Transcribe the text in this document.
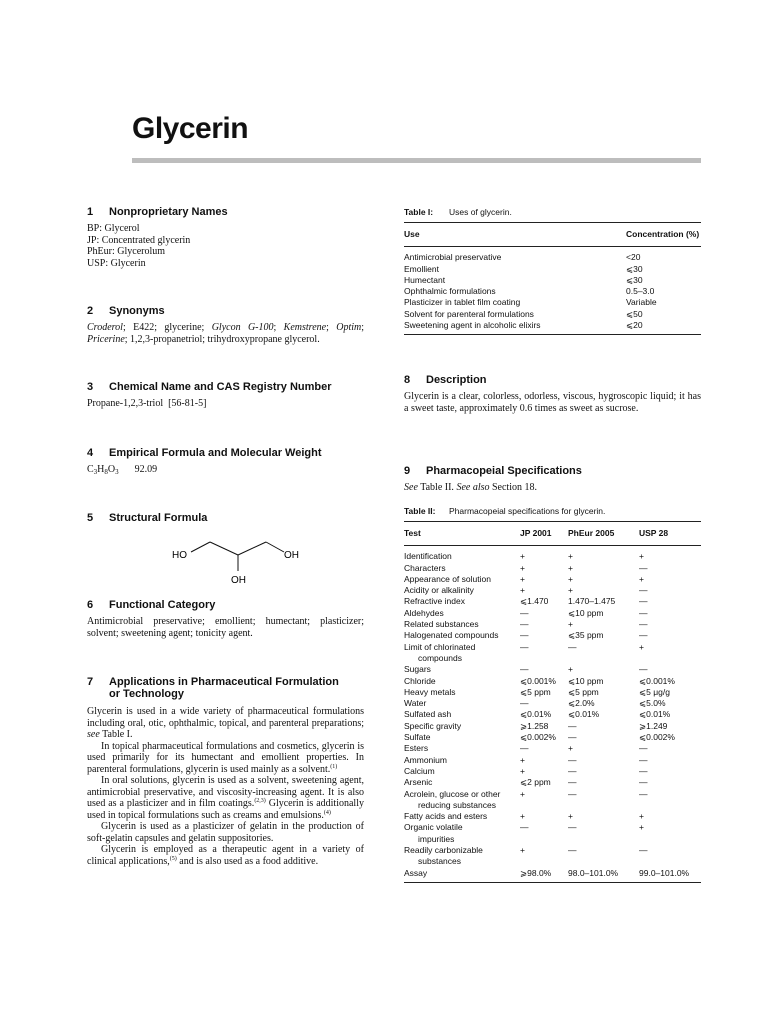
Glycerin
1	Nonproprietary Names
BP: Glycerol
JP: Concentrated glycerin
PhEur: Glycerolum
USP: Glycerin
2	Synonyms
Croderol; E422; glycerine; Glycon G-100; Kemstrene; Optim; Pricerine; 1,2,3-propanetriol; trihydroxypropane glycerol.
3	Chemical Name and CAS Registry Number
Propane-1,2,3-triol  [56-81-5]
4	Empirical Formula and Molecular Weight
$C_3H_8O_3$ 92.09
5	Structural Formula
HO	OH
OH
6	Functional Category
Antimicrobial preservative; emollient; humectant; plasticizer; solvent; sweetening agent; tonicity agent.
7	Applications in Pharmaceutical Formulation
or Technology

Glycerin is used in a wide variety of pharmaceutical formulations including oral, otic, ophthalmic, topical, and parenteral preparations; see Table I.

In topical pharmaceutical formulations and cosmetics, glycerin is used primarily for its humectant and emollient properties. In parenteral formulations, glycerin is used mainly as a solvent.$^{(1)}$

In oral solutions, glycerin is used as a solvent, sweetening agent, antimicrobial preservative, and viscosity-increasing agent. It is also used as a plasticizer and in film coatings.$^{(2,3)}$ Glycerin is additionally used in topical formulations such as creams and emulsions.$^{(4)}$

Glycerin is used as a plasticizer of gelatin in the production of soft-gelatin capsules and gelatin suppositories.

Glycerin is employed as a therapeutic agent in a variety of clinical applications,$^{(5)}$ and is also used as a food additive.

Table I:	Uses of glycerin.
Use	Concentration (%)
Antimicrobial preservative	<20
Emollient	⩽30
Humectant	⩽30
Ophthalmic formulations	0.5–3.0
Plasticizer in tablet film coating	Variable
Solvent for parenteral formulations	⩽50
Sweetening agent in alcoholic elixirs	⩽20
8	Description
Glycerin is a clear, colorless, odorless, viscous, hygroscopic liquid; it has a sweet taste, approximately 0.6 times as sweet as sucrose.
9	Pharmacopeial Specifications
See Table II. See also Section 18.
Table II:	Pharmacopeial specifications for glycerin.
Test	JP 2001	PhEur 2005	USP 28
Identification	+	+	+
Characters	+	+	—
Appearance of solution	+	+	+
Acidity or alkalinity	+	+	—
Refractive index	⩽1.470	1.470–1.475	—
Aldehydes	—	⩽10 ppm	—
Related substances	—	+	—
Halogenated compounds	—	⩽35 ppm	—
Limit of chlorinated
compounds	—	—	+
Sugars	—	+	—
Chloride	⩽0.001%	⩽10 ppm	⩽0.001%
Heavy metals	⩽5 ppm	⩽5 ppm	⩽5 μg/g
Water	—	⩽2.0%	⩽5.0%
Sulfated ash	⩽0.01%	⩽0.01%	⩽0.01%
Specific gravity	⩾1.258	—	⩾1.249
Sulfate	⩽0.002%	—	⩽0.002%
Esters	—	+	—
Ammonium	+	—	—
Calcium	+	—	—
Arsenic	⩽2 ppm	—	—
Acrolein, glucose or other
reducing substances	+	—	—
Fatty acids and esters	+	+	+
Organic volatile
impurities	—	—	+
Readily carbonizable
substances	+	—	—
Assay	⩾98.0%	98.0–101.0%	99.0–101.0%
